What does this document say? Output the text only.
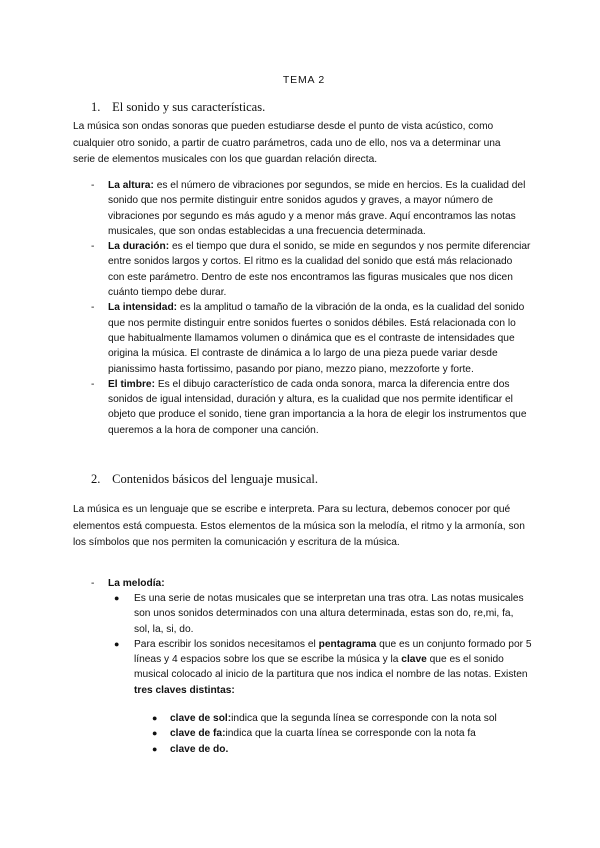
TEMA 2
1. El sonido y sus características.
La música son ondas sonoras que pueden estudiarse desde el punto de vista acústico, como cualquier otro sonido, a partir de cuatro parámetros, cada uno de ello, nos va a determinar una serie de elementos musicales con los que guardan relación directa.
- La altura: es el número de vibraciones por segundos, se mide en hercios. Es la cualidad del sonido que nos permite distinguir entre sonidos agudos y graves, a mayor número de vibraciones por segundo es más agudo y a menor más grave. Aquí encontramos las notas musicales, que son ondas establecidas a una frecuencia determinada.
- La duración: es el tiempo que dura el sonido, se mide en segundos y nos permite diferenciar entre sonidos largos y cortos. El ritmo es la cualidad del sonido que está más relacionado con este parámetro. Dentro de este nos encontramos las figuras musicales que nos dicen cuánto tiempo debe durar.
- La intensidad: es la amplitud o tamaño de la vibración de la onda, es la cualidad del sonido que nos permite distinguir entre sonidos fuertes o sonidos débiles. Está relacionada con lo que habitualmente llamamos volumen o dinámica que es el contraste de intensidades que origina la música. El contraste de dinámica a lo largo de una pieza puede variar desde pianissimo hasta fortissimo, pasando por piano, mezzo piano, mezzoforte y forte.
- El timbre: Es el dibujo característico de cada onda sonora, marca la diferencia entre dos sonidos de igual intensidad, duración y altura, es la cualidad que nos permite identificar el objeto que produce el sonido, tiene gran importancia a la hora de elegir los instrumentos que queremos a la hora de componer una canción.
2. Contenidos básicos del lenguaje musical.
La música es un lenguaje que se escribe e interpreta. Para su lectura, debemos conocer por qué elementos está compuesta. Estos elementos de la música son la melodía, el ritmo y la armonía, son los símbolos que nos permiten la comunicación y escritura de la música.
- La melodía:
● Es una serie de notas musicales que se interpretan una tras otra. Las notas musicales son unos sonidos determinados con una altura determinada, estas son do, re,mi, fa, sol, la, si, do.
● Para escribir los sonidos necesitamos el pentagrama que es un conjunto formado por 5 líneas y 4 espacios sobre los que se escribe la música y la clave que es el sonido musical colocado al inicio de la partitura que nos indica el nombre de las notas. Existen tres claves distintas:
● clave de sol:indica que la segunda línea se corresponde con la nota sol
● clave de fa:indica que la cuarta línea se corresponde con la nota fa
● clave de do.
